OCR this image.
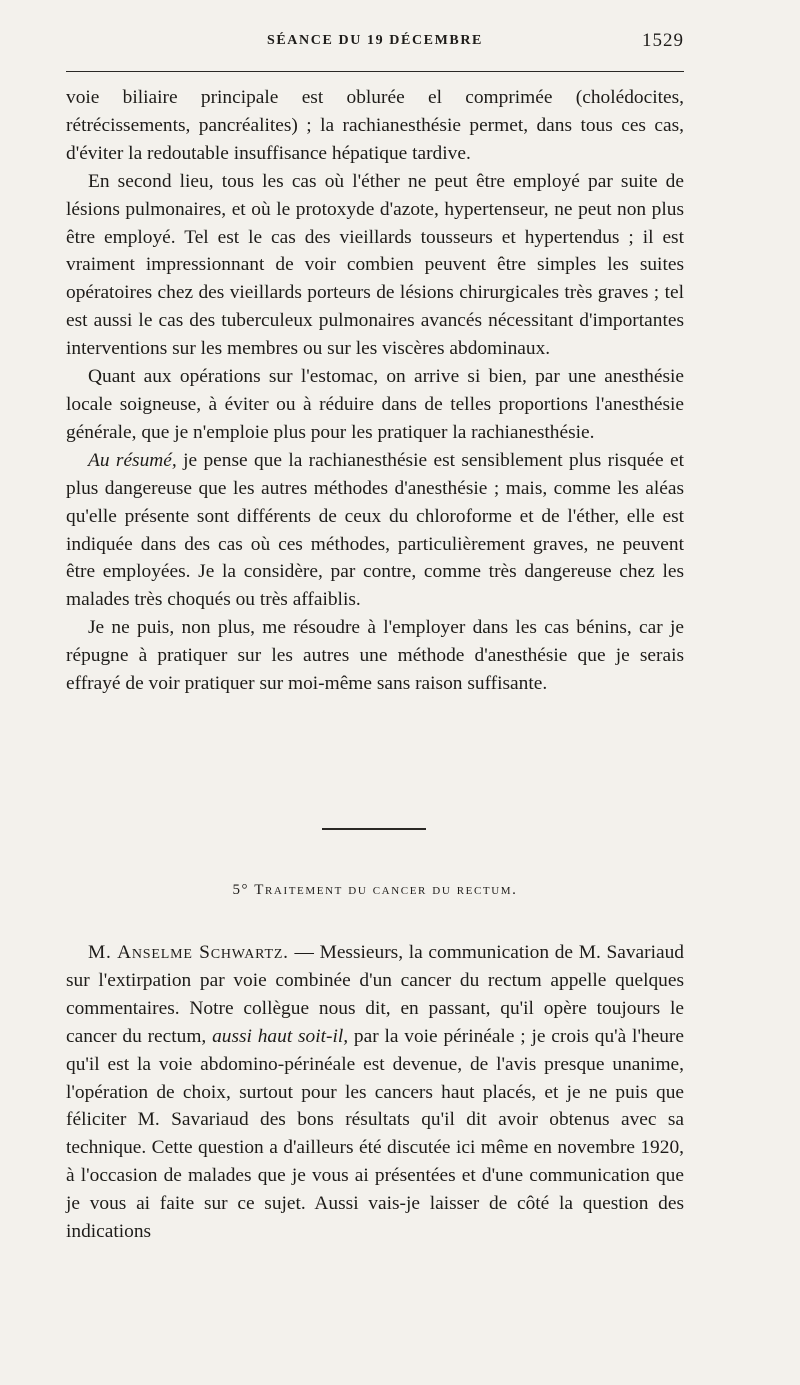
SÉANCE DU 19 DÉCEMBRE	1529

voie biliaire principale est oblurée el comprimée (cholédocites, rétrécissements, pancréalites) ; la rachianesthésie permet, dans tous ces cas, d'éviter la redoutable insuffisance hépatique tardive.

En second lieu, tous les cas où l'éther ne peut être employé par suite de lésions pulmonaires, et où le protoxyde d'azote, hypertenseur, ne peut non plus être employé. Tel est le cas des vieillards tousseurs et hypertendus ; il est vraiment impressionnant de voir combien peuvent être simples les suites opératoires chez des vieillards porteurs de lésions chirurgicales très graves ; tel est aussi le cas des tuberculeux pulmonaires avancés nécessitant d'importantes interventions sur les membres ou sur les viscères abdominaux.

Quant aux opérations sur l'estomac, on arrive si bien, par une anesthésie locale soigneuse, à éviter ou à réduire dans de telles proportions l'anesthésie générale, que je n'emploie plus pour les pratiquer la rachianesthésie.

Au résumé, je pense que la rachianesthésie est sensiblement plus risquée et plus dangereuse que les autres méthodes d'anesthésie ; mais, comme les aléas qu'elle présente sont différents de ceux du chloroforme et de l'éther, elle est indiquée dans des cas où ces méthodes, particulièrement graves, ne peuvent être employées. Je la considère, par contre, comme très dangereuse chez les malades très choqués ou très affaiblis.

Je ne puis, non plus, me résoudre à l'employer dans les cas bénins, car je répugne à pratiquer sur les autres une méthode d'anesthésie que je serais effrayé de voir pratiquer sur moi-même sans raison suffisante.

5° Traitement du cancer du rectum.

M. Anselme Schwartz. — Messieurs, la communication de M. Savariaud sur l'extirpation par voie combinée d'un cancer du rectum appelle quelques commentaires. Notre collègue nous dit, en passant, qu'il opère toujours le cancer du rectum, aussi haut soit-il, par la voie périnéale ; je crois qu'à l'heure qu'il est la voie abdomino-périnéale est devenue, de l'avis presque unanime, l'opération de choix, surtout pour les cancers haut placés, et je ne puis que féliciter M. Savariaud des bons résultats qu'il dit avoir obtenus avec sa technique. Cette question a d'ailleurs été discutée ici même en novembre 1920, à l'occasion de malades que je vous ai présentées et d'une communication que je vous ai faite sur ce sujet. Aussi vais-je laisser de côté la question des indications
